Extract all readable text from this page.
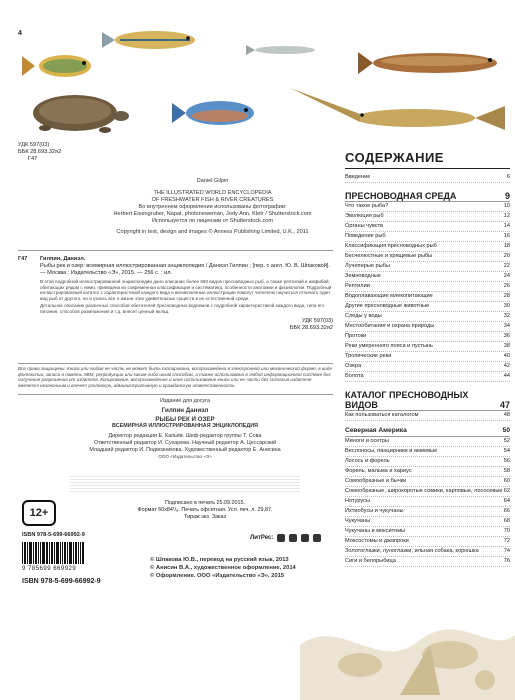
4
УДК 597(03)
ББК 28.693.32я2
Г47
Daniel Gilpin
THE ILLUSTRATED WORLD ENCYCLOPEDIA
OF FRESHWATER FISH & RIVER CREATURES
Во внутреннем оформлении использованы фотографии:
Herbert Eisengruber, Napat, photoneweman, Jody Ann, Kletr / Shutterstock.com
Используется по лицензии от Shutterstock.com
Copyright in text, design and images © Anness Publishing Limited, U.K., 2011
Г47	Гилпин, Даниэл.
Рыбы рек и озер: всемирная иллюстрированная энциклопедия / Даниэл Гилпин ; [пер. с англ. Ю. В. Шпаковой]. — Москва : Издательство «Э», 2015. — 256 с. : ил.
В этой подробной иллюстрированной энциклопедии дано описание более 660 видов пресноводных рыб, а также рептилий и амфибий, обитающих рядом с ними, приведена их современная классификация и систематика, особенности анатомии и физиологии. Подробный иллюстрированный каталог с характеристикой каждого вида и великолепные иллюстрации помогут читателю научиться отличать один вид рыб от другого, но и узнать все о жизни этих удивительных существ в их естественной среде.
Детальное описание различных способов обитателей пресноводных водоемов с подробной характеристикой каждого вида, типа его питания, способов размножения и т.д. внесет ценный вклад.
УДК 597(03)
ББК 28.693.32я2
Все права защищены. Книга или любая ее часть не может быть скопирована, воспроизведена в электронной или механической форме, в виде фотокопии, записи в память ЭВМ, репродукции или каким-либо иным способом, а также использована в любой информационной системе без получения разрешения от издателя. Копирование, воспроизведение и иное использование книги или ее части без согласия издателя является незаконным и влечет уголовную, административную и гражданскую ответственность.
Издание для досуга
Гилпин Даниэл
РЫБЫ РЕК И ОЗЕР
ВСЕМИРНАЯ ИЛЛЮСТРИРОВАННАЯ ЭНЦИКЛОПЕДИЯ
Директор редакции Е. Капьёв. Шеф-редактор группы Т. Сова
Ответственный редактор И. Сухарева. Научный редактор А. Цессарский
Младший редактор И. Подвозникова. Художественный редактор Е. Анисина
ООО «Издательство «Э»
12+
Подписано в печать 25.09.2015.
Формат 60x84¹/₈. Печать офсетная. Усл. печ. л. 29,87.
Тираж экз. Заказ
ISBN 978-5-699-66992-9
9 785699 669929
ISBN 978-5-699-66992-9
ЛитРес:
© Шпакова Ю.В., перевод на русский язык, 2013
© Анисин В.А., художественное оформление, 2014
© Оформление. ООО «Издательство «Э», 2015
СОДЕРЖАНИЕ
Введение	6
ПРЕСНОВОДНАЯ СРЕДА	9
Что такое рыба?	10
Эволюция рыб	12
Органы чувств	14
Поведение рыб	16
Классификация пресноводных рыб	18
Бесчелюстные и хрящевые рыбы	20
Лучеперые рыбы	22
Земноводные	24
Рептилии	26
Водоплавающие млекопитающие	28
Другие пресноводные животные	30
Следы у воды	32
Местообитания и охрана природы	34
Протоки	36
Реки умеренного пояса и пустынь	38
Тропические реки	40
Озера	42
Болота	44
КАТАЛОГ ПРЕСНОВОДНЫХ ВИДОВ	47
Как пользоваться каталогом	48
Северная Америка	50
Миноги и осетры	52
Веслоносы, панцирники и амиевые	54
Лосось и форель	56
Форель, мальма и хариус	58
Сомообразные и бычки	60
Сомообразные, широкоротые сомики, карповые, лососевые 62
Нотурусы	64
Ихтиобусы и чукучаны	66
Чукучаны	68
Чукучаны и мокситомы	70
Моксостомы и джапроки	72
Золотоглазки, луноглазки, ильная собака, корюшка	74
Сиги и белорыбица	76
